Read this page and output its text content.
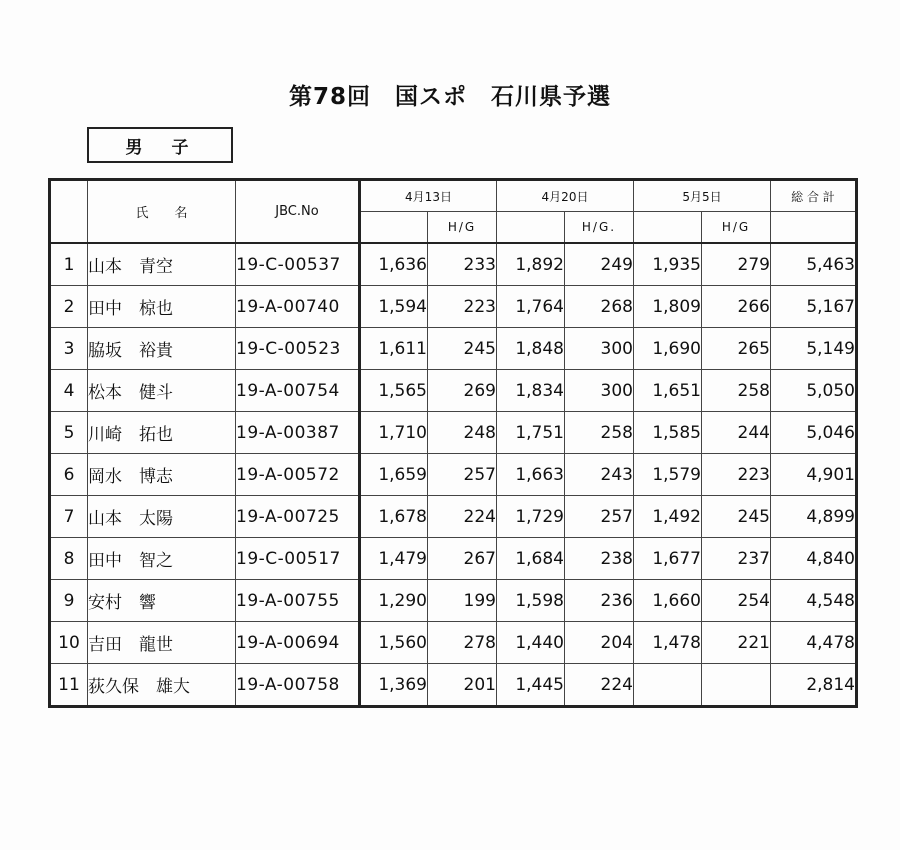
第78回　国スポ　石川県予選
男　子
	氏　　名	JBC.No	4月13日		4月20日		5月5日		総 合 計
				H/G		H/G.		H/G	
1	山本　青空	19-C-00537	1,636	233	1,892	249	1,935	279	5,463
2	田中　椋也	19-A-00740	1,594	223	1,764	268	1,809	266	5,167
3	脇坂　裕貴	19-C-00523	1,611	245	1,848	300	1,690	265	5,149
4	松本　健斗	19-A-00754	1,565	269	1,834	300	1,651	258	5,050
5	川崎　拓也	19-A-00387	1,710	248	1,751	258	1,585	244	5,046
6	岡水　博志	19-A-00572	1,659	257	1,663	243	1,579	223	4,901
7	山本　太陽	19-A-00725	1,678	224	1,729	257	1,492	245	4,899
8	田中　智之	19-C-00517	1,479	267	1,684	238	1,677	237	4,840
9	安村　響	19-A-00755	1,290	199	1,598	236	1,660	254	4,548
10	吉田　龍世	19-A-00694	1,560	278	1,440	204	1,478	221	4,478
11	荻久保　雄大	19-A-00758	1,369	201	1,445	224			2,814
